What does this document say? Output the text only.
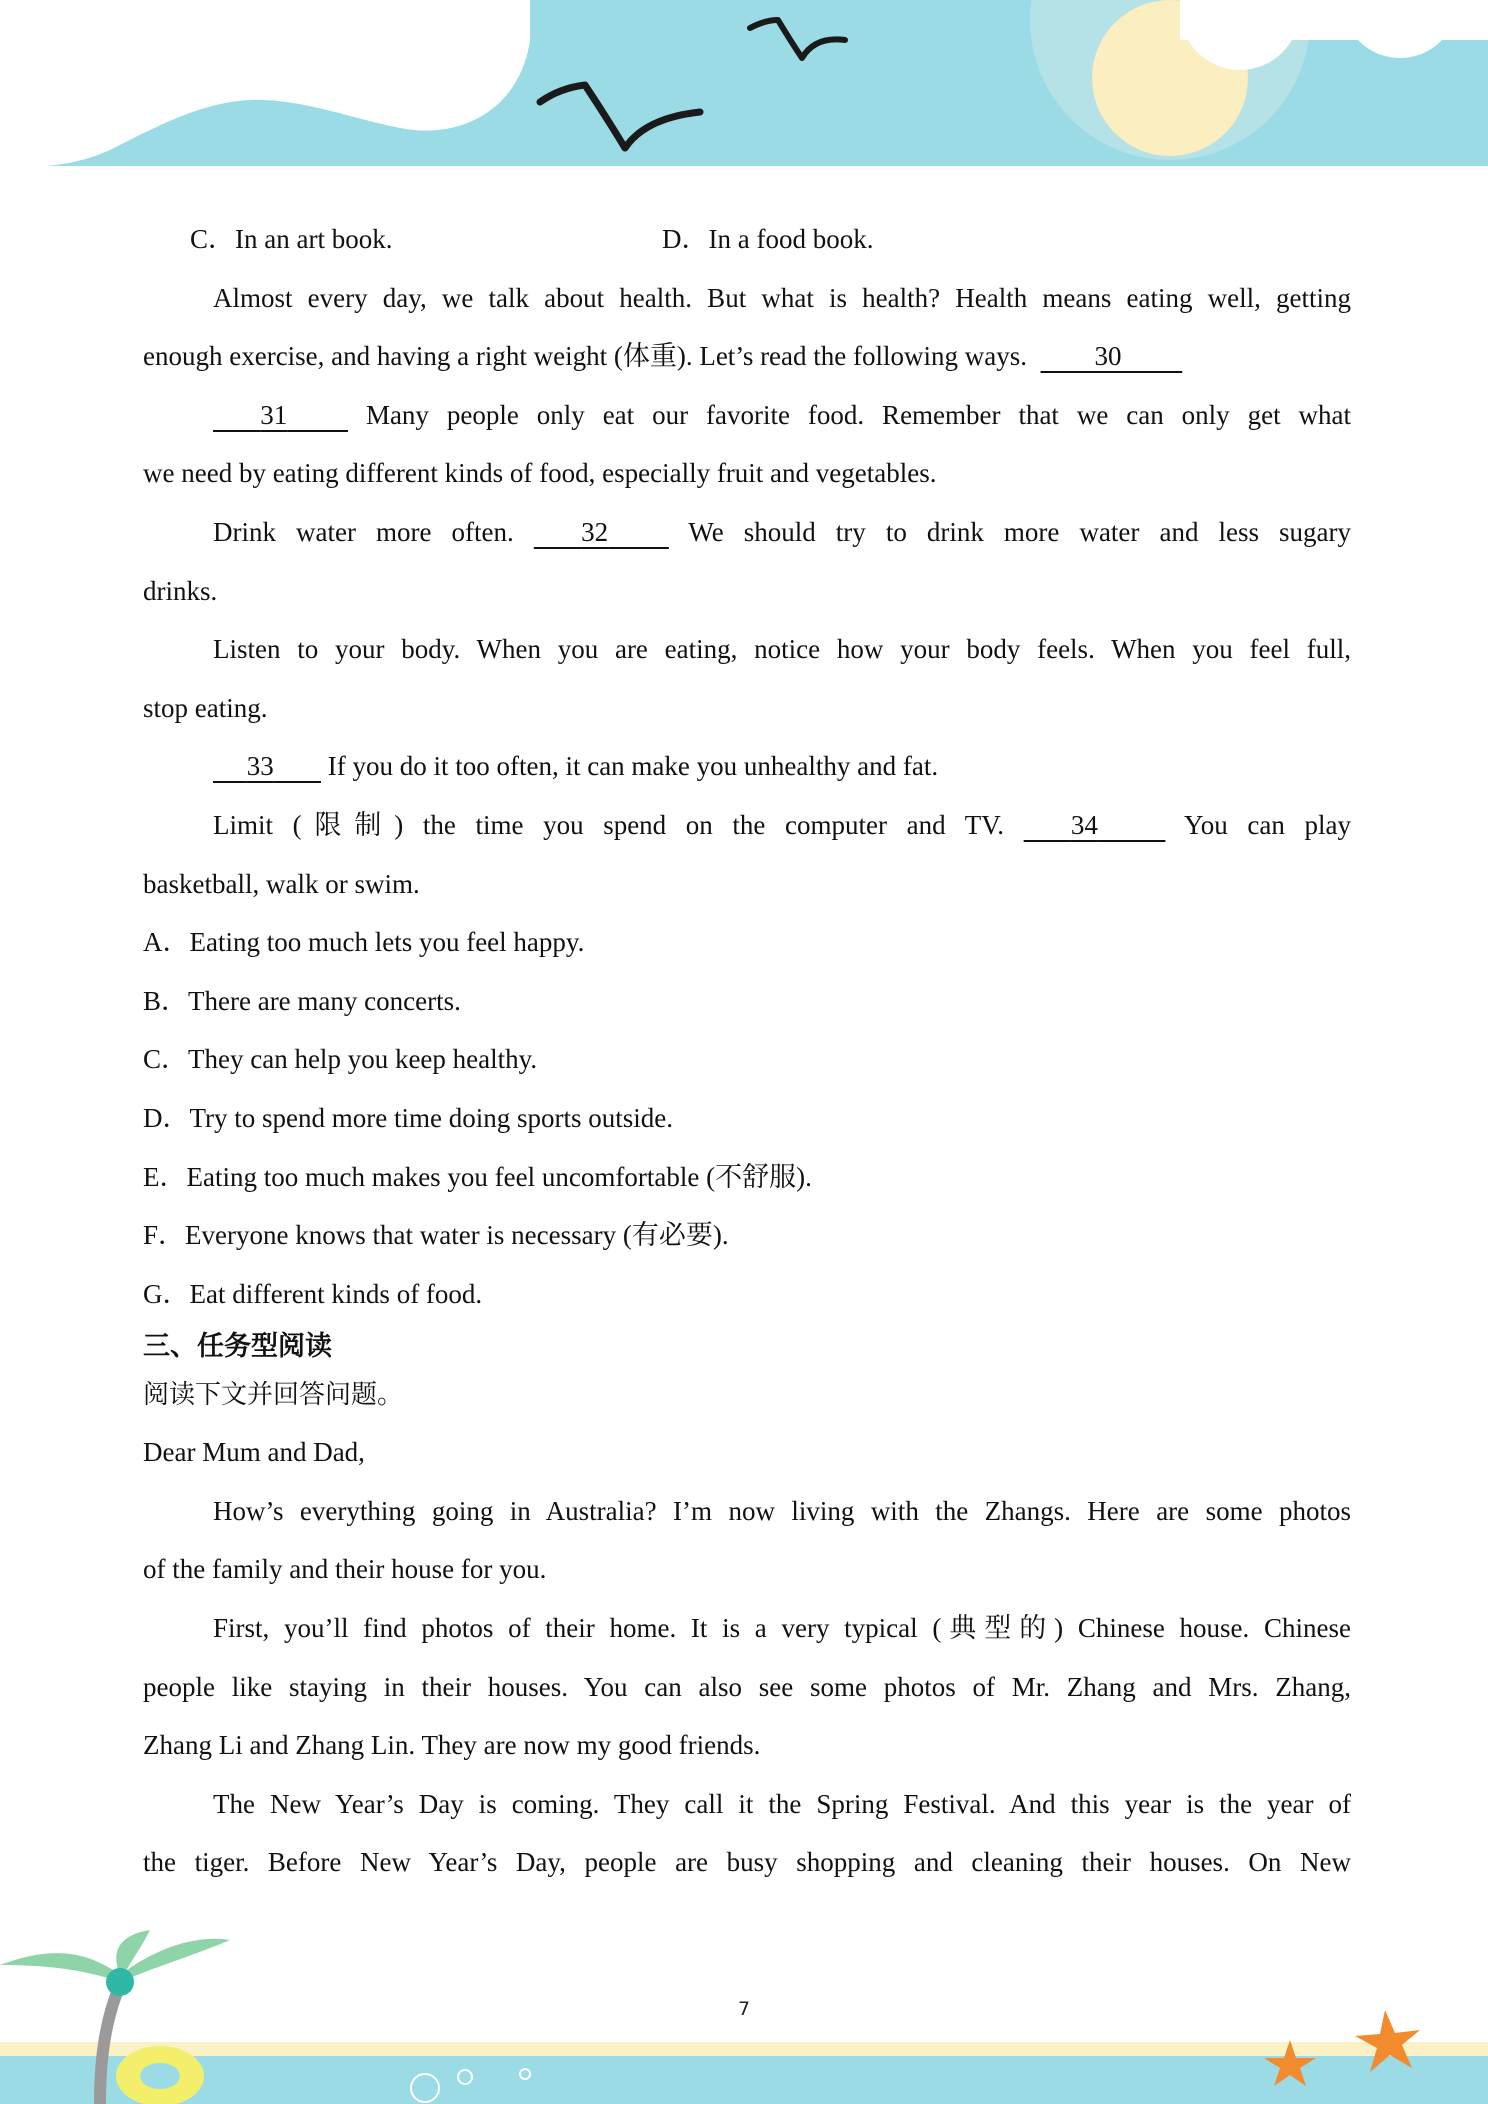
C．In an art book.	D．In a food book.

Almost every day, we talk about health. But what is health? Health means eating well, getting

enough exercise, and having a right weight (体重). Let’s read the following ways.	30

31	Many people only eat our favorite food. Remember that we can only get what

we need by eating different kinds of food, especially fruit and vegetables.

Drink water more often. 32	We should try to drink more water and less sugary

drinks.

Listen to your body. When you are eating, notice how your body feels. When you feel full,

stop eating.

33 If you do it too often, it can make you unhealthy and fat.

Limit (限制) the time you spend on the computer and TV. 34	You can play

basketball, walk or swim.

A．Eating too much lets you feel happy.

B．There are many concerts.

C．They can help you keep healthy.

D．Try to spend more time doing sports outside.

E．Eating too much makes you feel uncomfortable (不舒服).

F．Everyone knows that water is necessary (有必要).

G．Eat different kinds of food.

三、任务型阅读

阅读下文并回答问题。

Dear Mum and Dad,

How’s everything going in Australia? I’m now living with the Zhangs. Here are some photos

of the family and their house for you.

First, you’ll find photos of their home. It is a very typical (典型的) Chinese house. Chinese

people like staying in their houses. You can also see some photos of Mr. Zhang and Mrs. Zhang,

Zhang Li and Zhang Lin. They are now my good friends.

The New Year’s Day is coming. They call it the Spring Festival. And this year is the year of

the tiger. Before New Year’s Day, people are busy shopping and cleaning their houses. On New

7
